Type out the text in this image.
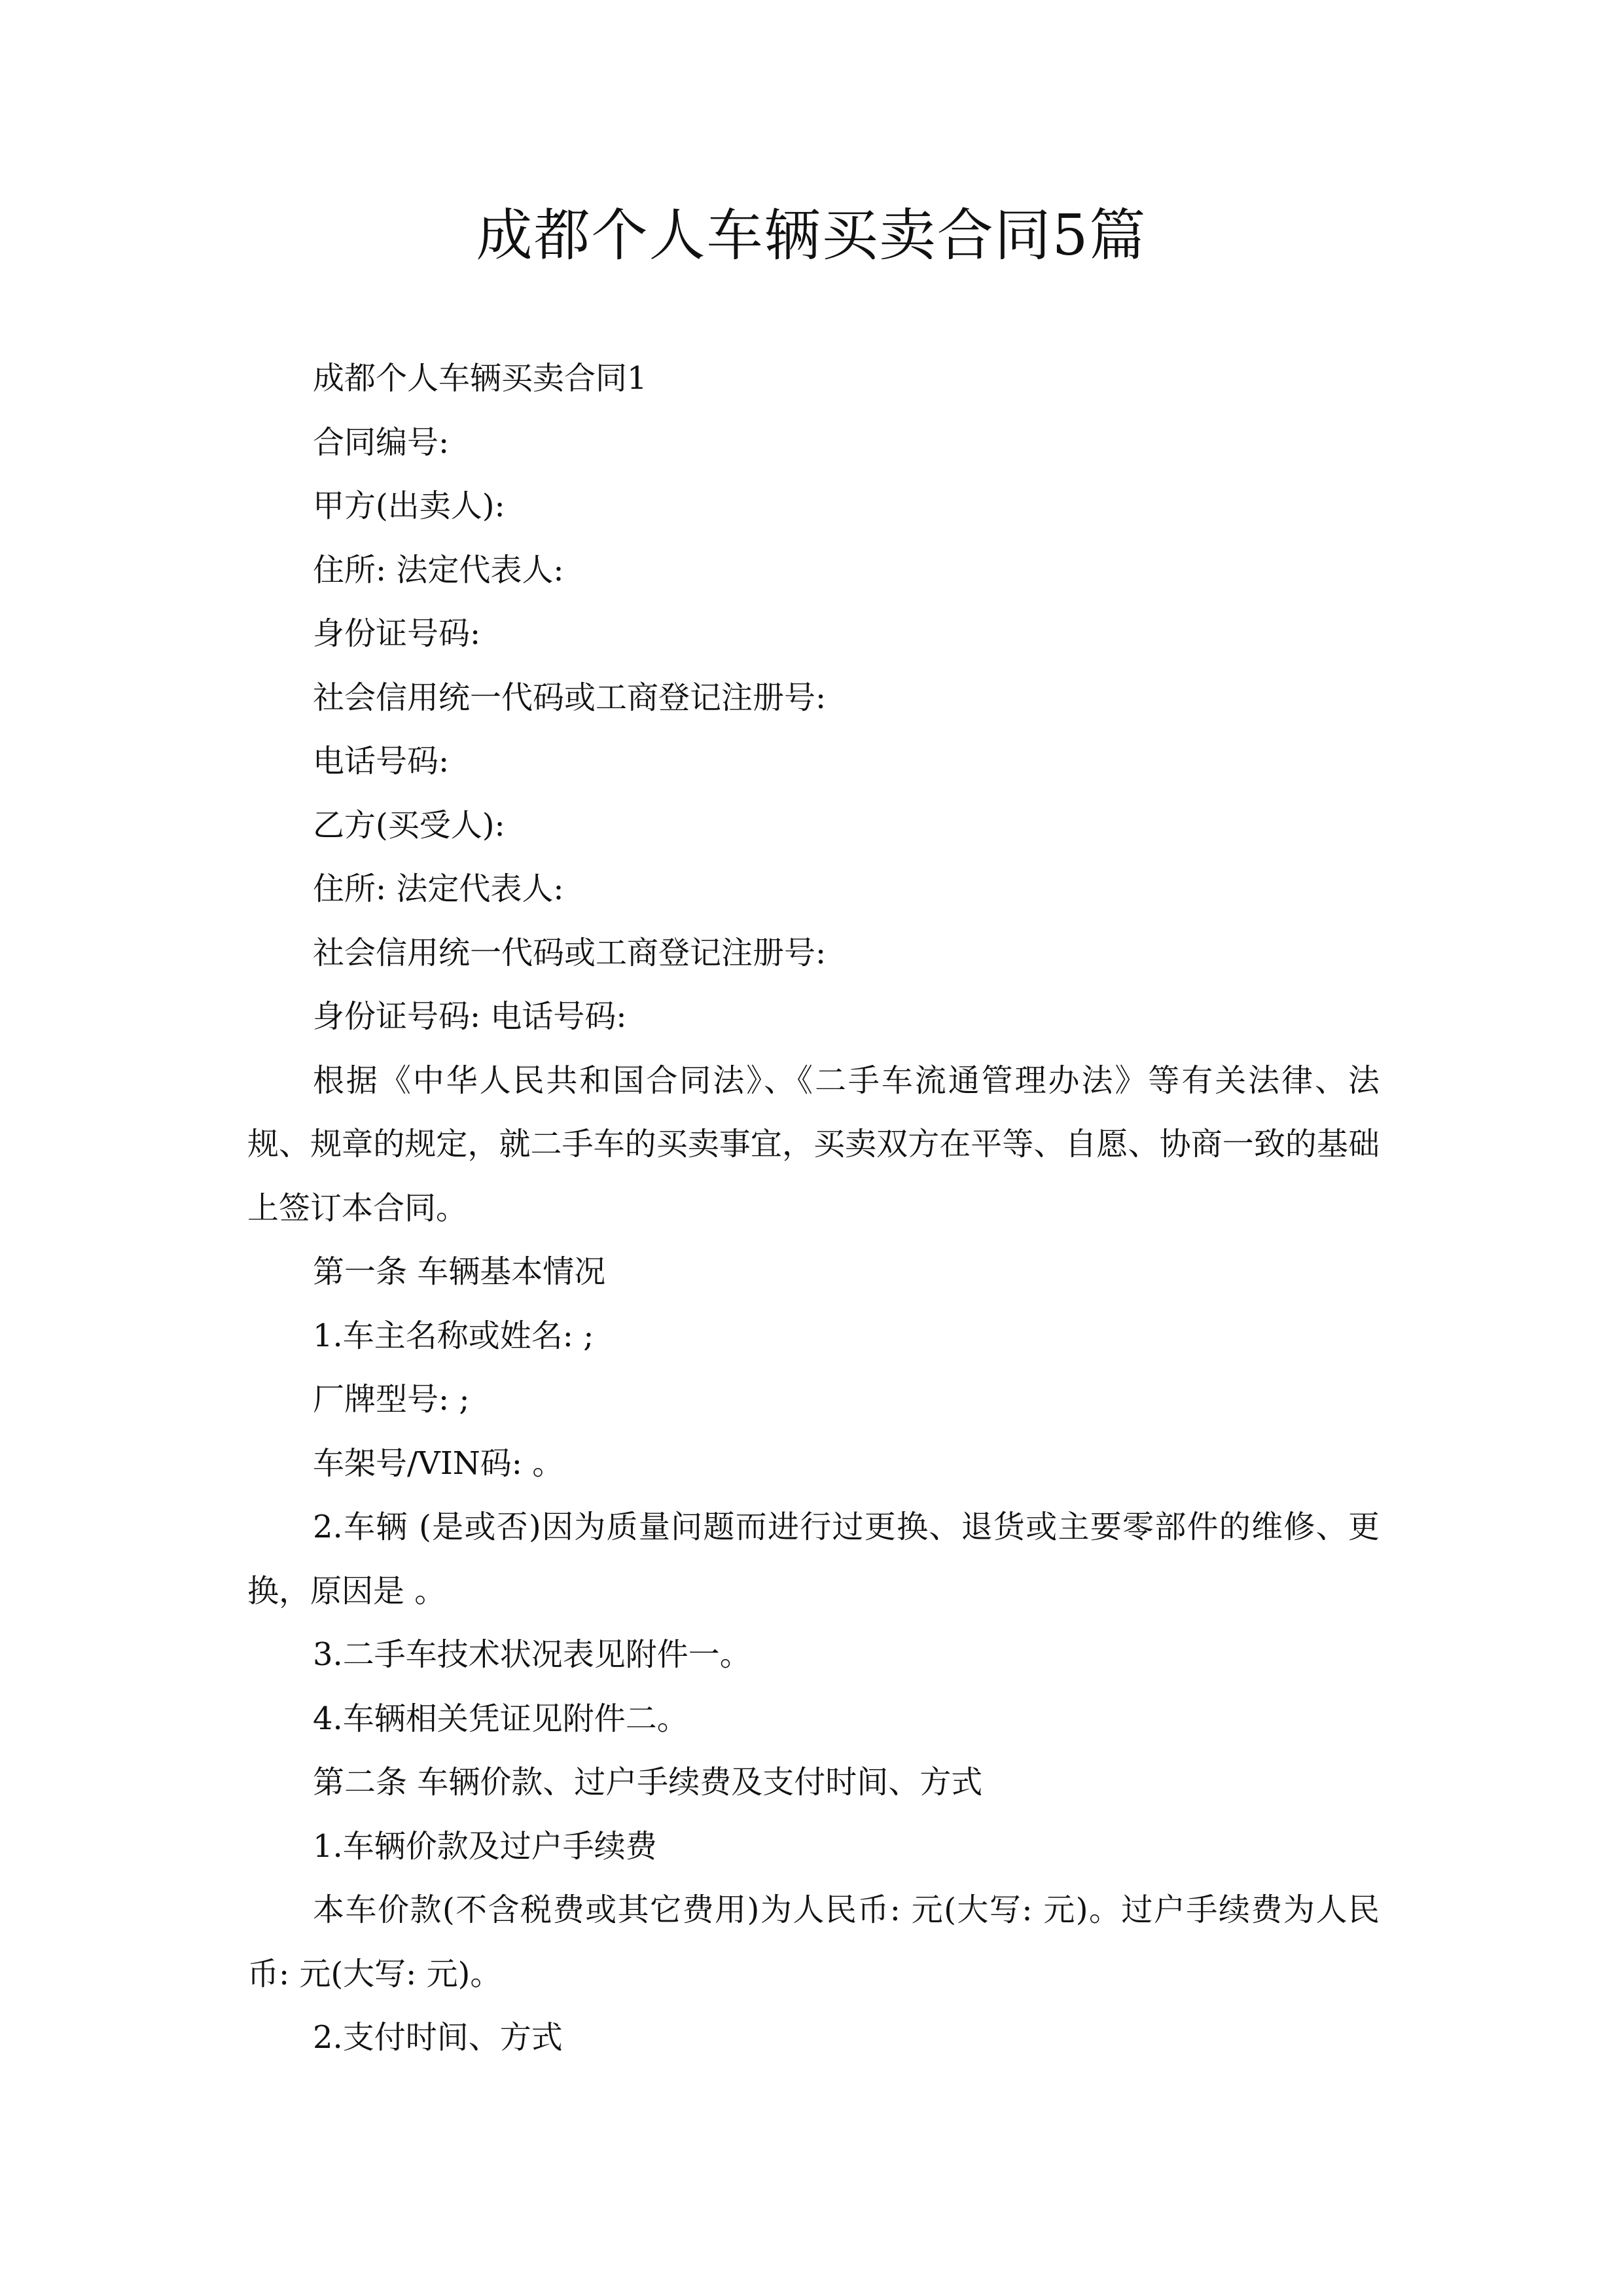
成都个人车辆买卖合同5篇

成都个人车辆买卖合同1

合同编号:

甲方(出卖人):

住所: 法定代表人:

身份证号码:

社会信用统一代码或工商登记注册号:

电话号码:

乙方(买受人):

住所: 法定代表人:

社会信用统一代码或工商登记注册号:

身份证号码: 电话号码:

根据《中华人民共和国合同法》、《二手车流通管理办法》等有关法律、法规、规章的规定，就二手车的买卖事宜，买卖双方在平等、自愿、协商一致的基础上签订本合同。

第一条 车辆基本情况

1.车主名称或姓名: ;

厂牌型号: ;

车架号/VIN码: 。

2.车辆 (是或否)因为质量问题而进行过更换、退货或主要零部件的维修、更换，原因是 。

3.二手车技术状况表见附件一。

4.车辆相关凭证见附件二。

第二条 车辆价款、过户手续费及支付时间、方式

1.车辆价款及过户手续费

本车价款(不含税费或其它费用)为人民币: 元(大写: 元)。过户手续费为人民币: 元(大写: 元)。

2.支付时间、方式
